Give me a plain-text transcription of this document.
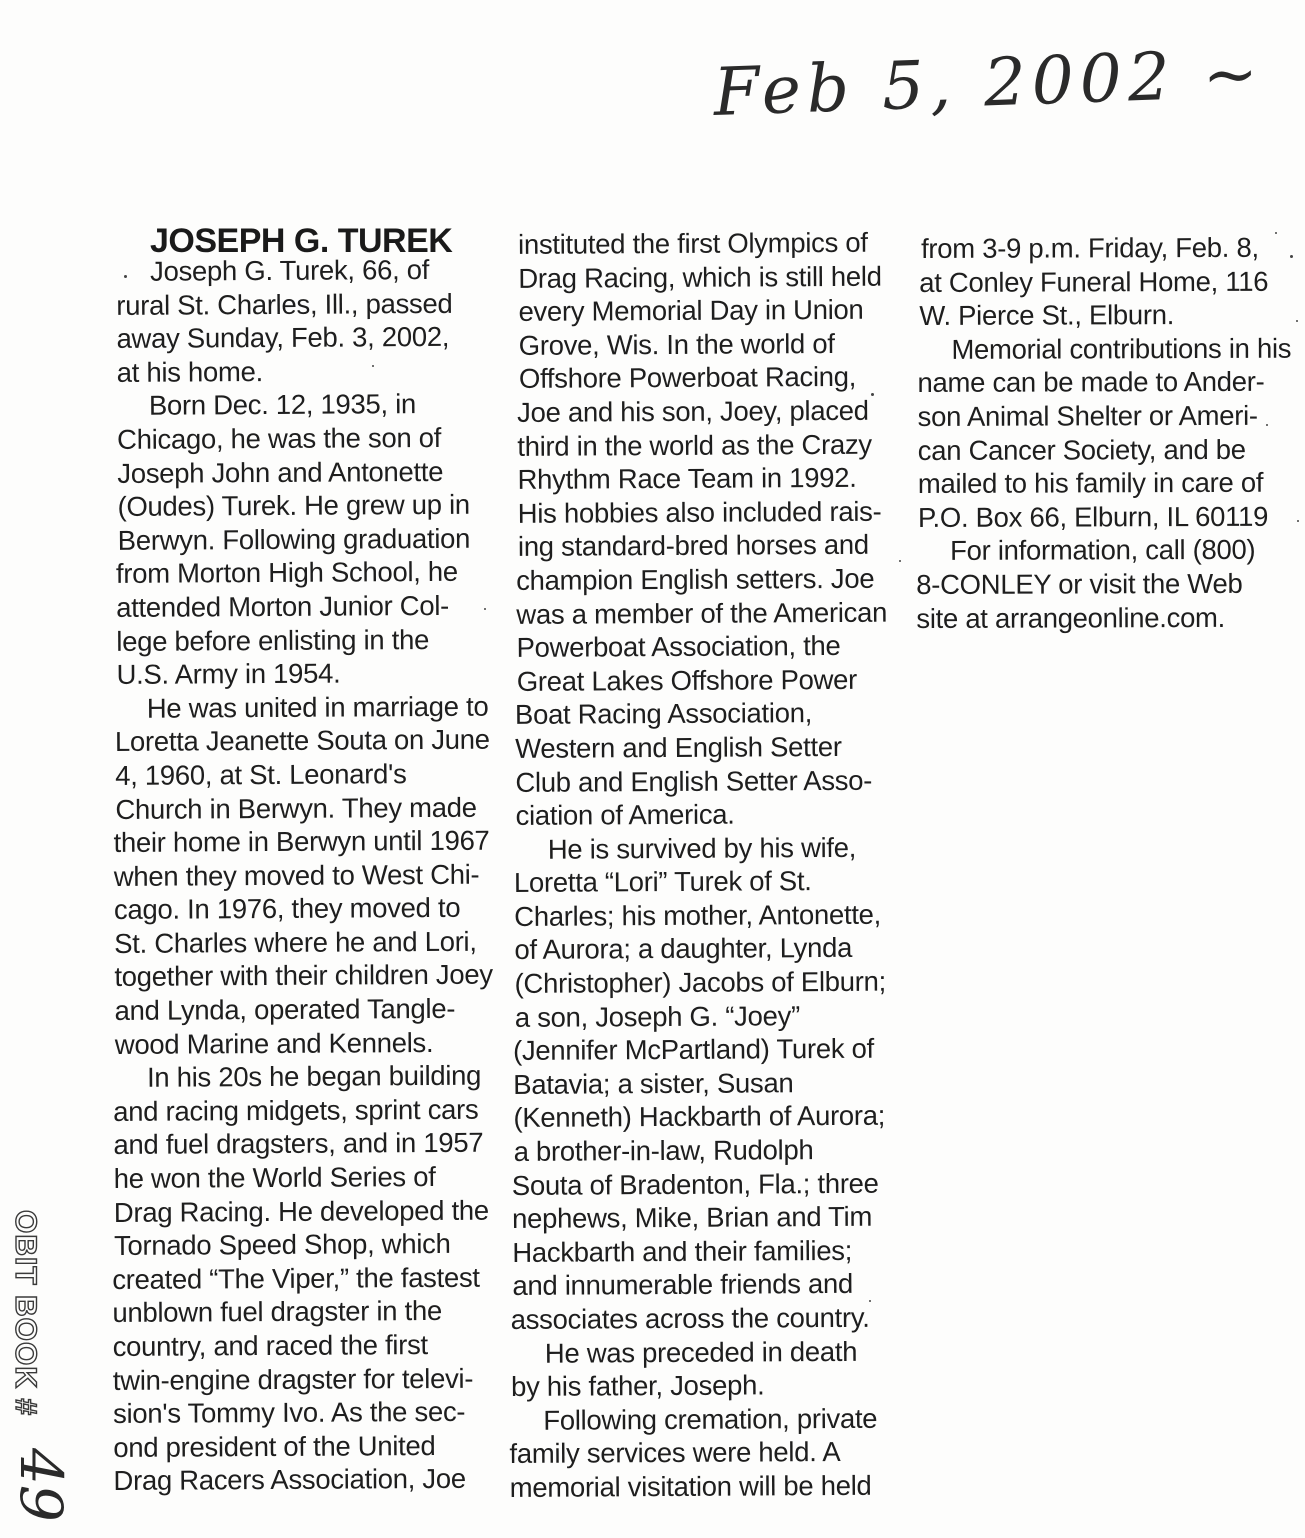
Feb 5, 2002 ~
JOSEPH G. TUREK
Joseph G. Turek, 66, of
rural St. Charles, Ill., passed
away Sunday, Feb. 3, 2002,
at his home.
Born Dec. 12, 1935, in
Chicago, he was the son of
Joseph John and Antonette
(Oudes) Turek. He grew up in
Berwyn. Following graduation
from Morton High School, he
attended Morton Junior Col-
lege before enlisting in the
U.S. Army in 1954.
He was united in marriage to
Loretta Jeanette Souta on June
4, 1960, at St. Leonard's
Church in Berwyn. They made
their home in Berwyn until 1967
when they moved to West Chi-
cago. In 1976, they moved to
St. Charles where he and Lori,
together with their children Joey
and Lynda, operated Tangle-
wood Marine and Kennels.
In his 20s he began building
and racing midgets, sprint cars
and fuel dragsters, and in 1957
he won the World Series of
Drag Racing. He developed the
Tornado Speed Shop, which
created “The Viper,” the fastest
unblown fuel dragster in the
country, and raced the first
twin-engine dragster for televi-
sion's Tommy Ivo. As the sec-
ond president of the United
Drag Racers Association, Joe
instituted the first Olympics of
Drag Racing, which is still held
every Memorial Day in Union
Grove, Wis. In the world of
Offshore Powerboat Racing,
Joe and his son, Joey, placed
third in the world as the Crazy
Rhythm Race Team in 1992.
His hobbies also included rais-
ing standard-bred horses and
champion English setters. Joe
was a member of the American
Powerboat Association, the
Great Lakes Offshore Power
Boat Racing Association,
Western and English Setter
Club and English Setter Asso-
ciation of America.
He is survived by his wife,
Loretta “Lori” Turek of St.
Charles; his mother, Antonette,
of Aurora; a daughter, Lynda
(Christopher) Jacobs of Elburn;
a son, Joseph G. “Joey”
(Jennifer McPartland) Turek of
Batavia; a sister, Susan
(Kenneth) Hackbarth of Aurora;
a brother-in-law, Rudolph
Souta of Bradenton, Fla.; three
nephews, Mike, Brian and Tim
Hackbarth and their families;
and innumerable friends and
associates across the country.
He was preceded in death
by his father, Joseph.
Following cremation, private
family services were held. A
memorial visitation will be held
from 3-9 p.m. Friday, Feb. 8,
at Conley Funeral Home, 116
W. Pierce St., Elburn.
Memorial contributions in his
name can be made to Ander-
son Animal Shelter or Ameri-
can Cancer Society, and be
mailed to his family in care of
P.O. Box 66, Elburn, IL 60119
For information, call (800)
8-CONLEY or visit the Web
site at arrangeonline.com.
OBIT BOOK #
49
